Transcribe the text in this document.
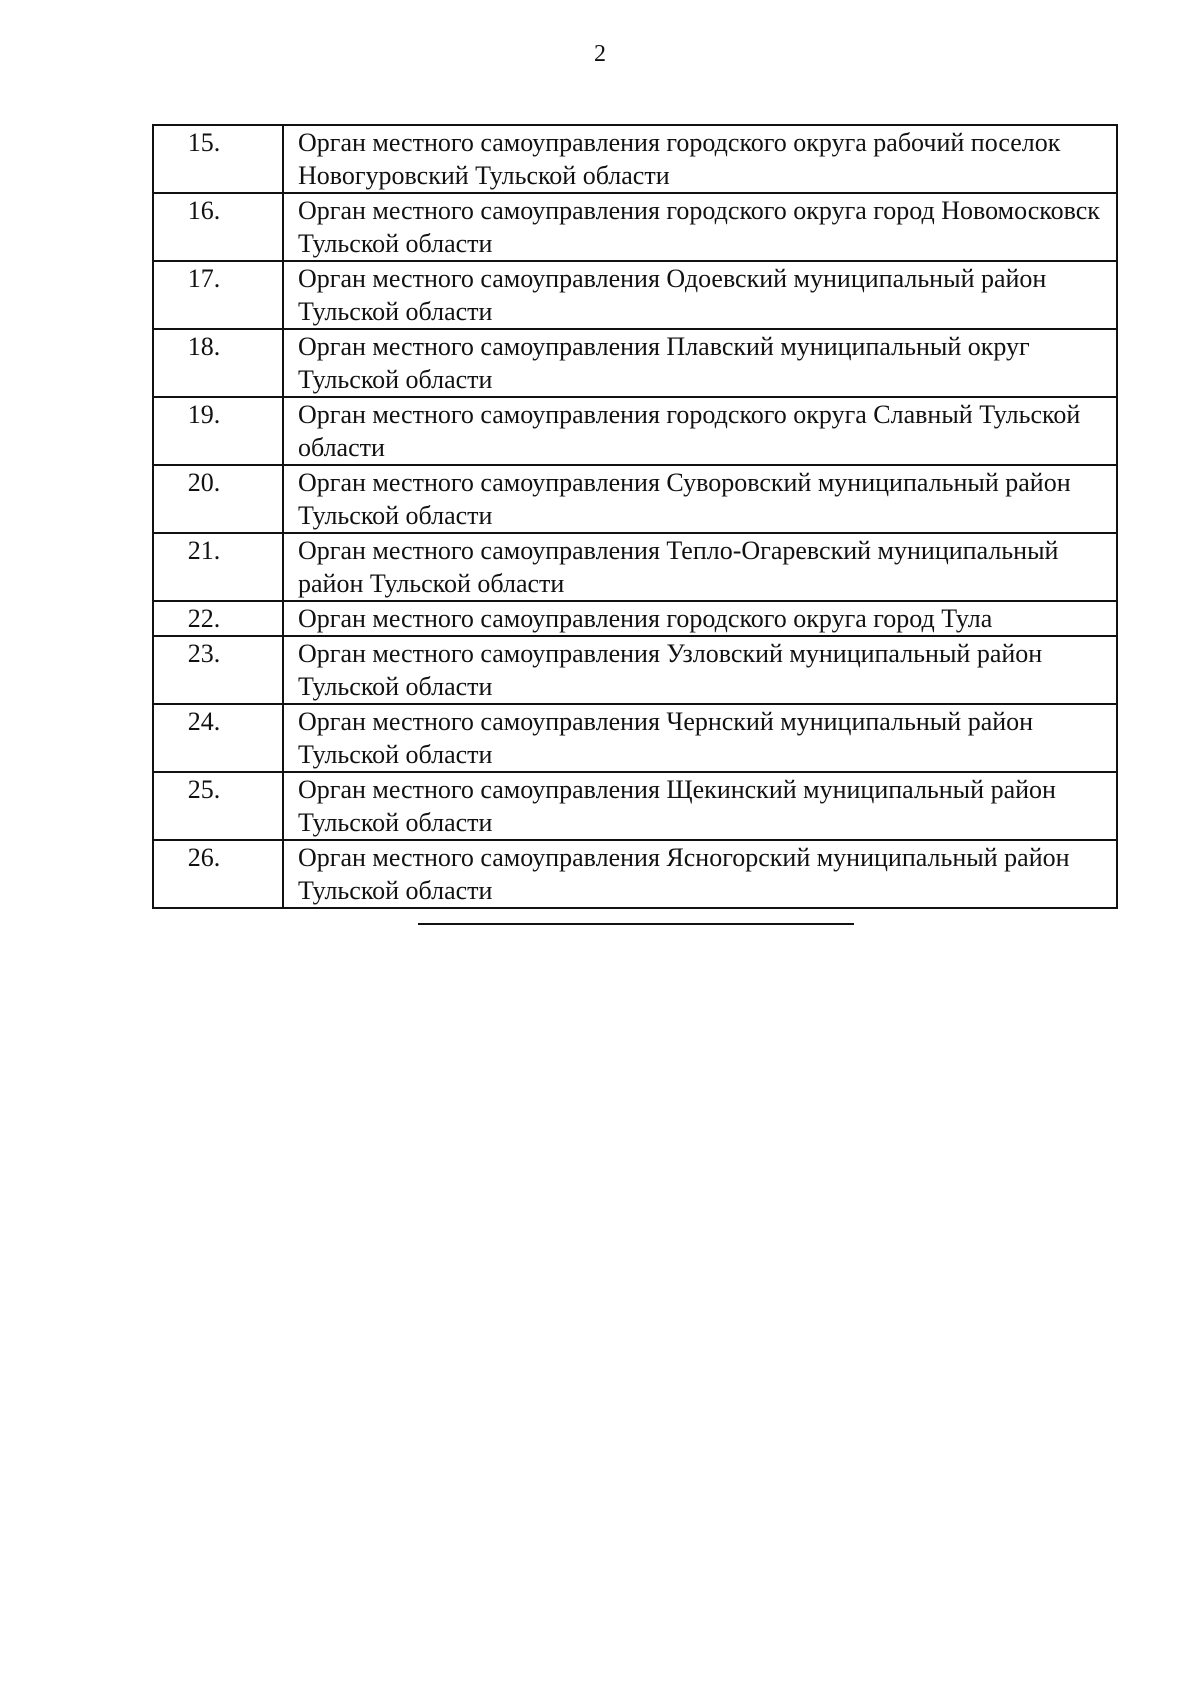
2
15.	Орган местного самоуправления городского округа рабочий поселок Новогуровский Тульской области

16.	Орган местного самоуправления городского округа город Новомосковск Тульской области

17.	Орган местного самоуправления Одоевский муниципальный район Тульской области

18.	Орган местного самоуправления Плавский муниципальный округ Тульской области

19.	Орган местного самоуправления городского округа Славный Тульской области

20.	Орган местного самоуправления Суворовский муниципальный район Тульской области

21.	Орган местного самоуправления Тепло-Огаревский муниципальный район Тульской области

22.	Орган местного самоуправления городского округа город Тула

23.	Орган местного самоуправления Узловский муниципальный район Тульской области

24.	Орган местного самоуправления Чернский муниципальный район Тульской области

25.	Орган местного самоуправления Щекинский муниципальный район Тульской области

26.	Орган местного самоуправления Ясногорский муниципальный район Тульской области
